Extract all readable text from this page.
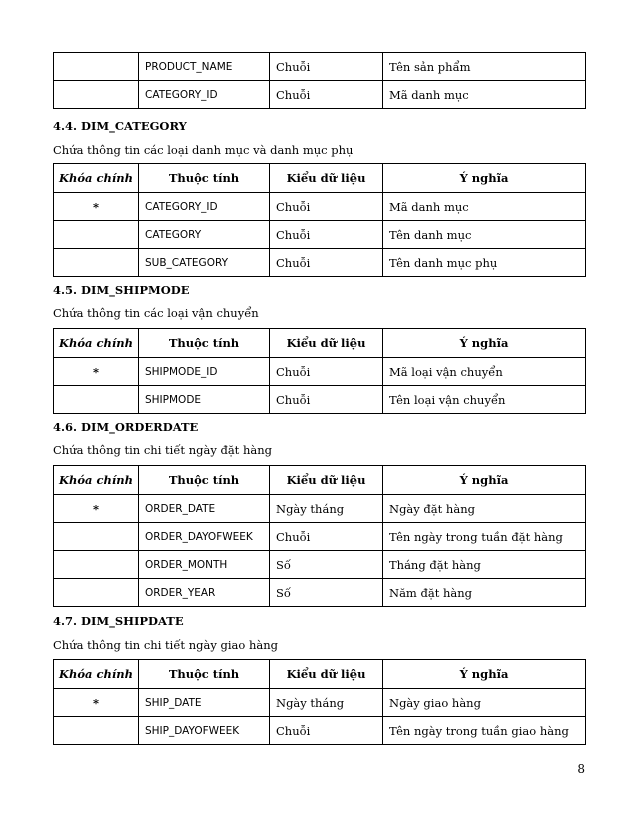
	PRODUCT_NAME	Chuỗi	Tên sản phẩm
	CATEGORY_ID	Chuỗi	Mã danh mục
4.4. DIM_CATEGORY
Chứa thông tin các loại danh mục và danh mục phụ
Khóa chính	Thuộc tính	Kiểu dữ liệu	Ý nghĩa
*	CATEGORY_ID	Chuỗi	Mã danh mục
	CATEGORY	Chuỗi	Tên danh mục
	SUB_CATEGORY	Chuỗi	Tên danh mục phụ
4.5. DIM_SHIPMODE
Chứa thông tin các loại vận chuyển
Khóa chính	Thuộc tính	Kiểu dữ liệu	Ý nghĩa
*	SHIPMODE_ID	Chuỗi	Mã loại vận chuyển
	SHIPMODE	Chuỗi	Tên loại vận chuyển
4.6. DIM_ORDERDATE
Chứa thông tin chi tiết ngày đặt hàng
Khóa chính	Thuộc tính	Kiểu dữ liệu	Ý nghĩa
*	ORDER_DATE	Ngày tháng	Ngày đặt hàng
	ORDER_DAYOFWEEK	Chuỗi	Tên ngày trong tuần đặt hàng
	ORDER_MONTH	Số	Tháng đặt hàng
	ORDER_YEAR	Số	Năm đặt hàng
4.7. DIM_SHIPDATE
Chứa thông tin chi tiết ngày giao hàng
Khóa chính	Thuộc tính	Kiểu dữ liệu	Ý nghĩa
*	SHIP_DATE	Ngày tháng	Ngày giao hàng
	SHIP_DAYOFWEEK	Chuỗi	Tên ngày trong tuần giao hàng
8
